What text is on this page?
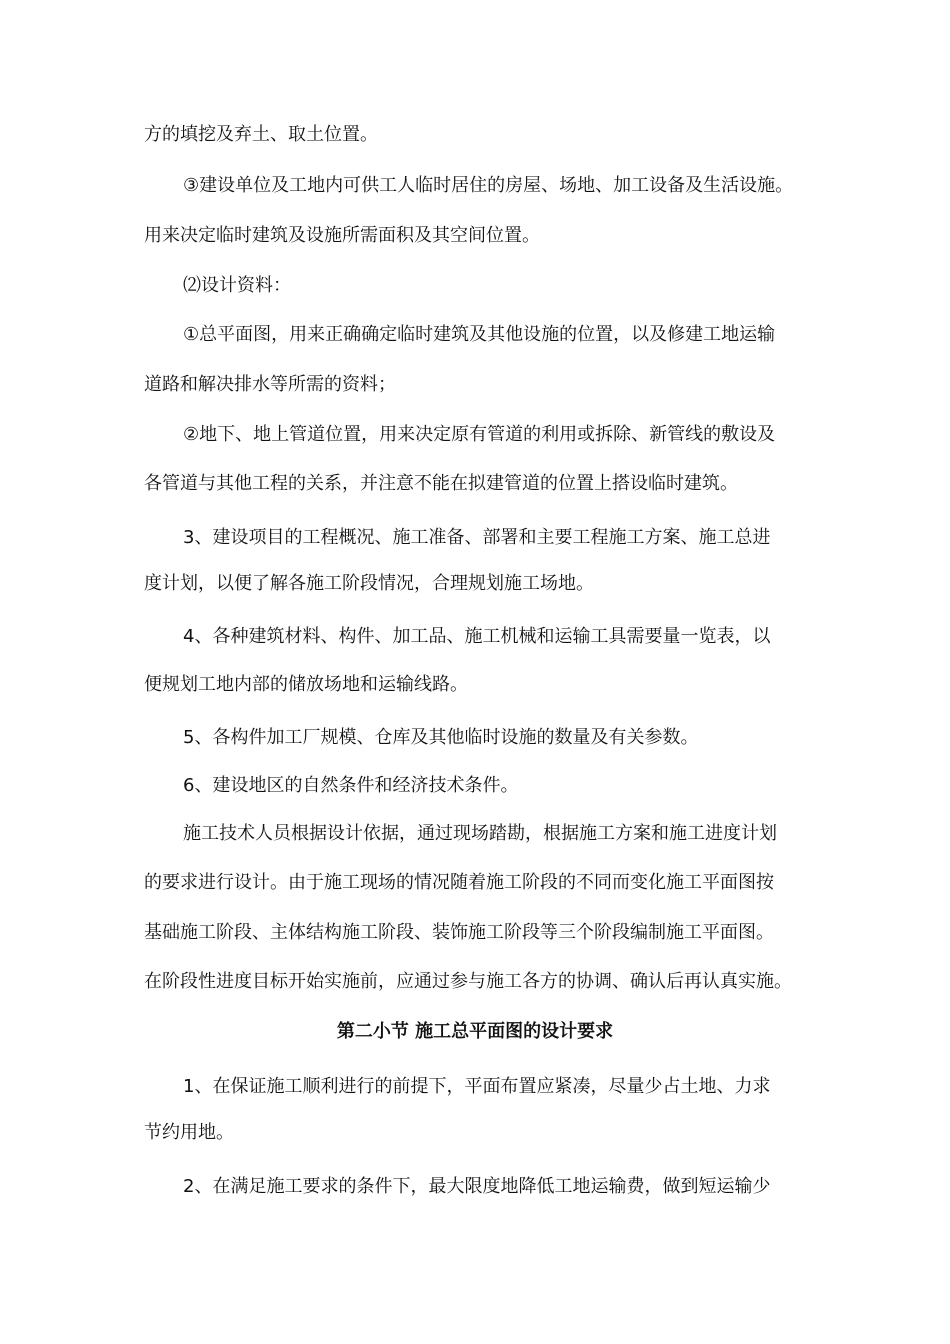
方的填挖及弃土、取土位置。
③建设单位及工地内可供工人临时居住的房屋、场地、加工设备及生活设施。
用来决定临时建筑及设施所需面积及其空间位置。
⑵设计资料：
①总平面图，用来正确确定临时建筑及其他设施的位置，以及修建工地运输
道路和解决排水等所需的资料；
②地下、地上管道位置，用来决定原有管道的利用或拆除、新管线的敷设及
各管道与其他工程的关系，并注意不能在拟建管道的位置上搭设临时建筑。
3、建设项目的工程概况、施工准备、部署和主要工程施工方案、施工总进
度计划，以便了解各施工阶段情况，合理规划施工场地。
4、各种建筑材料、构件、加工品、施工机械和运输工具需要量一览表，以
便规划工地内部的储放场地和运输线路。
5、各构件加工厂规模、仓库及其他临时设施的数量及有关参数。
6、建设地区的自然条件和经济技术条件。
施工技术人员根据设计依据，通过现场踏勘，根据施工方案和施工进度计划
的要求进行设计。由于施工现场的情况随着施工阶段的不同而变化施工平面图按
基础施工阶段、主体结构施工阶段、装饰施工阶段等三个阶段编制施工平面图。
在阶段性进度目标开始实施前，应通过参与施工各方的协调、确认后再认真实施。
第二小节 施工总平面图的设计要求
1、在保证施工顺利进行的前提下，平面布置应紧凑，尽量少占土地、力求
节约用地。
2、在满足施工要求的条件下，最大限度地降低工地运输费，做到短运输少
